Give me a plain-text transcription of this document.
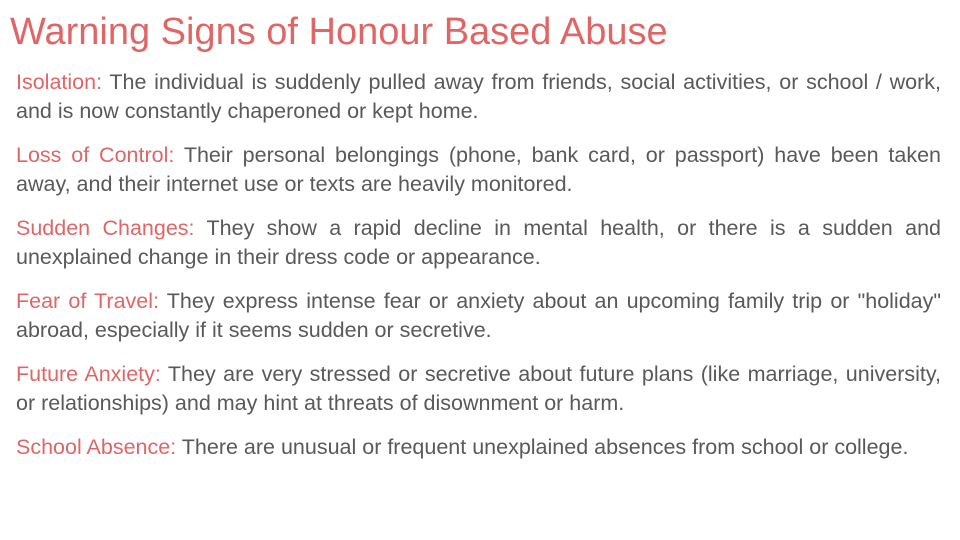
Warning Signs of Honour Based Abuse
Isolation: The individual is suddenly pulled away from friends, social activities, or school / work, and is now constantly chaperoned or kept home.
Loss of Control: Their personal belongings (phone, bank card, or passport) have been taken away, and their internet use or texts are heavily monitored.
Sudden Changes: They show a rapid decline in mental health, or there is a sudden and unexplained change in their dress code or appearance.
Fear of Travel: They express intense fear or anxiety about an upcoming family trip or "holiday" abroad, especially if it seems sudden or secretive.
Future Anxiety: They are very stressed or secretive about future plans (like marriage, university, or relationships) and may hint at threats of disownment or harm.
School Absence: There are unusual or frequent unexplained absences from school or college.
